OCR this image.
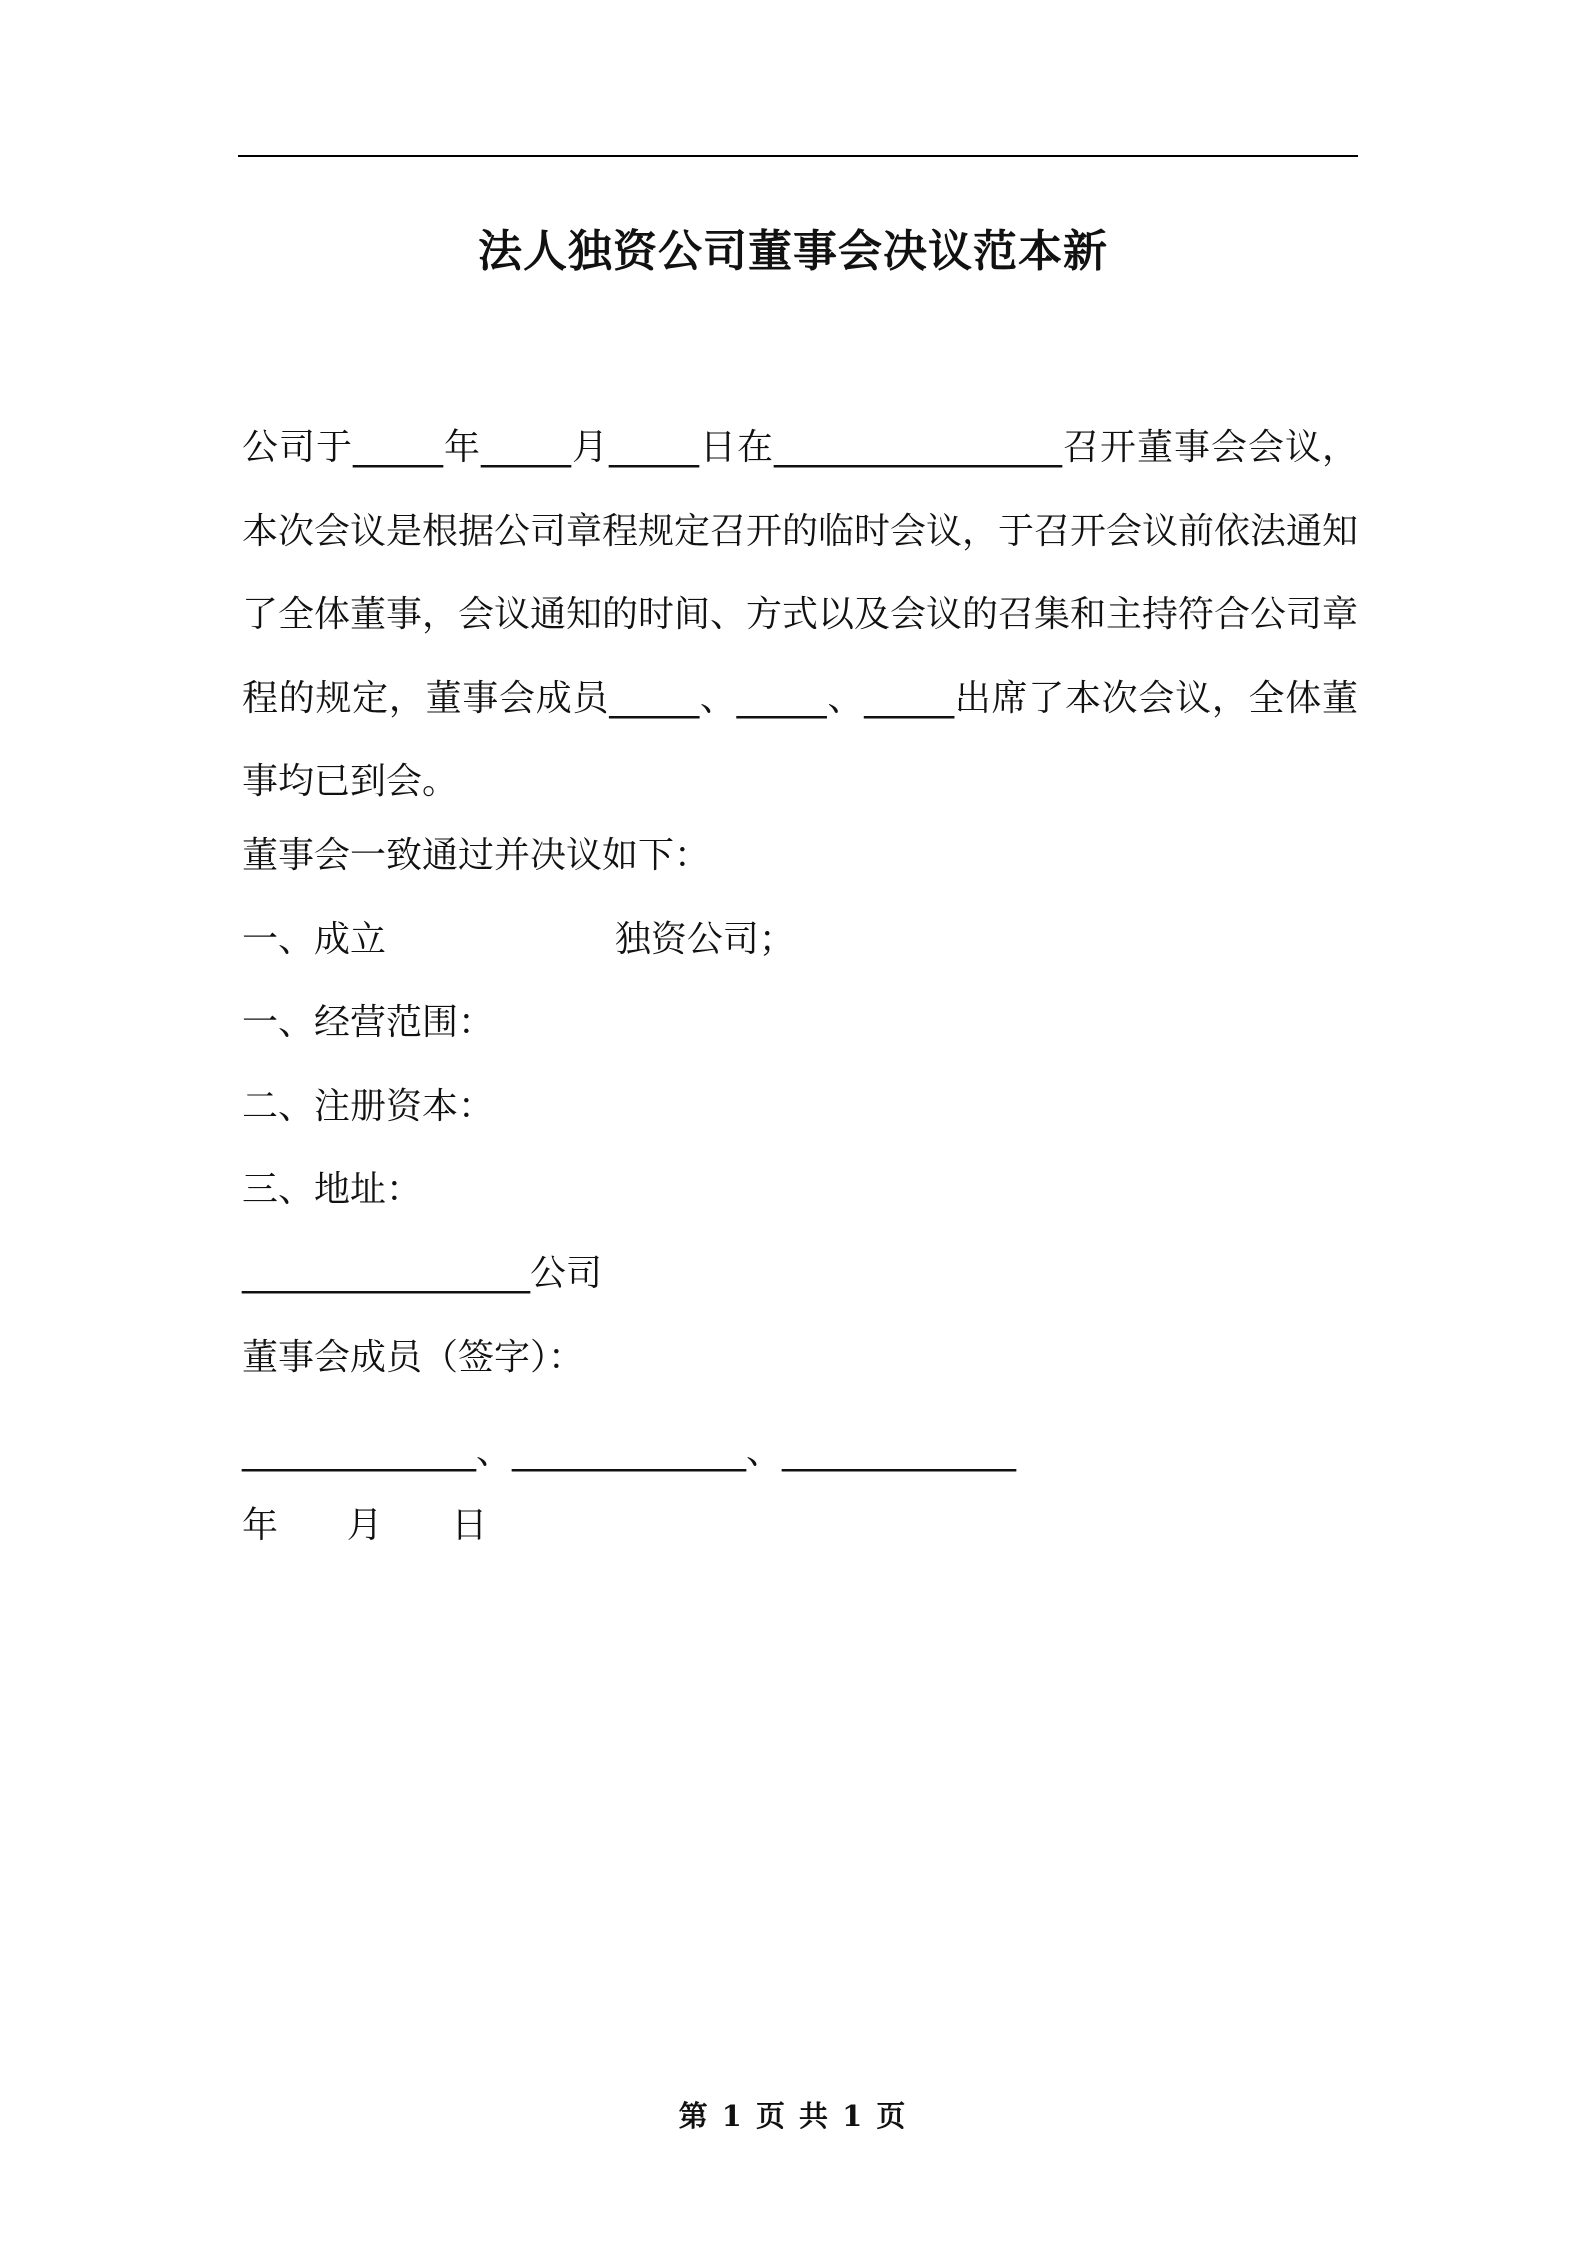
法人独资公司董事会决议范本新
公司于_____年_____月_____日在________________召开董事会会议，本次会议是根据公司章程规定召开的临时会议，于召开会议前依法通知了全体董事，会议通知的时间、方式以及会议的召集和主持符合公司章程的规定，董事会成员_____、_____、_____出席了本次会议，全体董事均已到会。
董事会一致通过并决议如下：
一、成立                    独资公司；
一、经营范围：
二、注册资本：
三、地址：
________________公司
董事会成员（签字）：
_____________、_____________、_____________
年      月      日
第 1 页 共 1 页
